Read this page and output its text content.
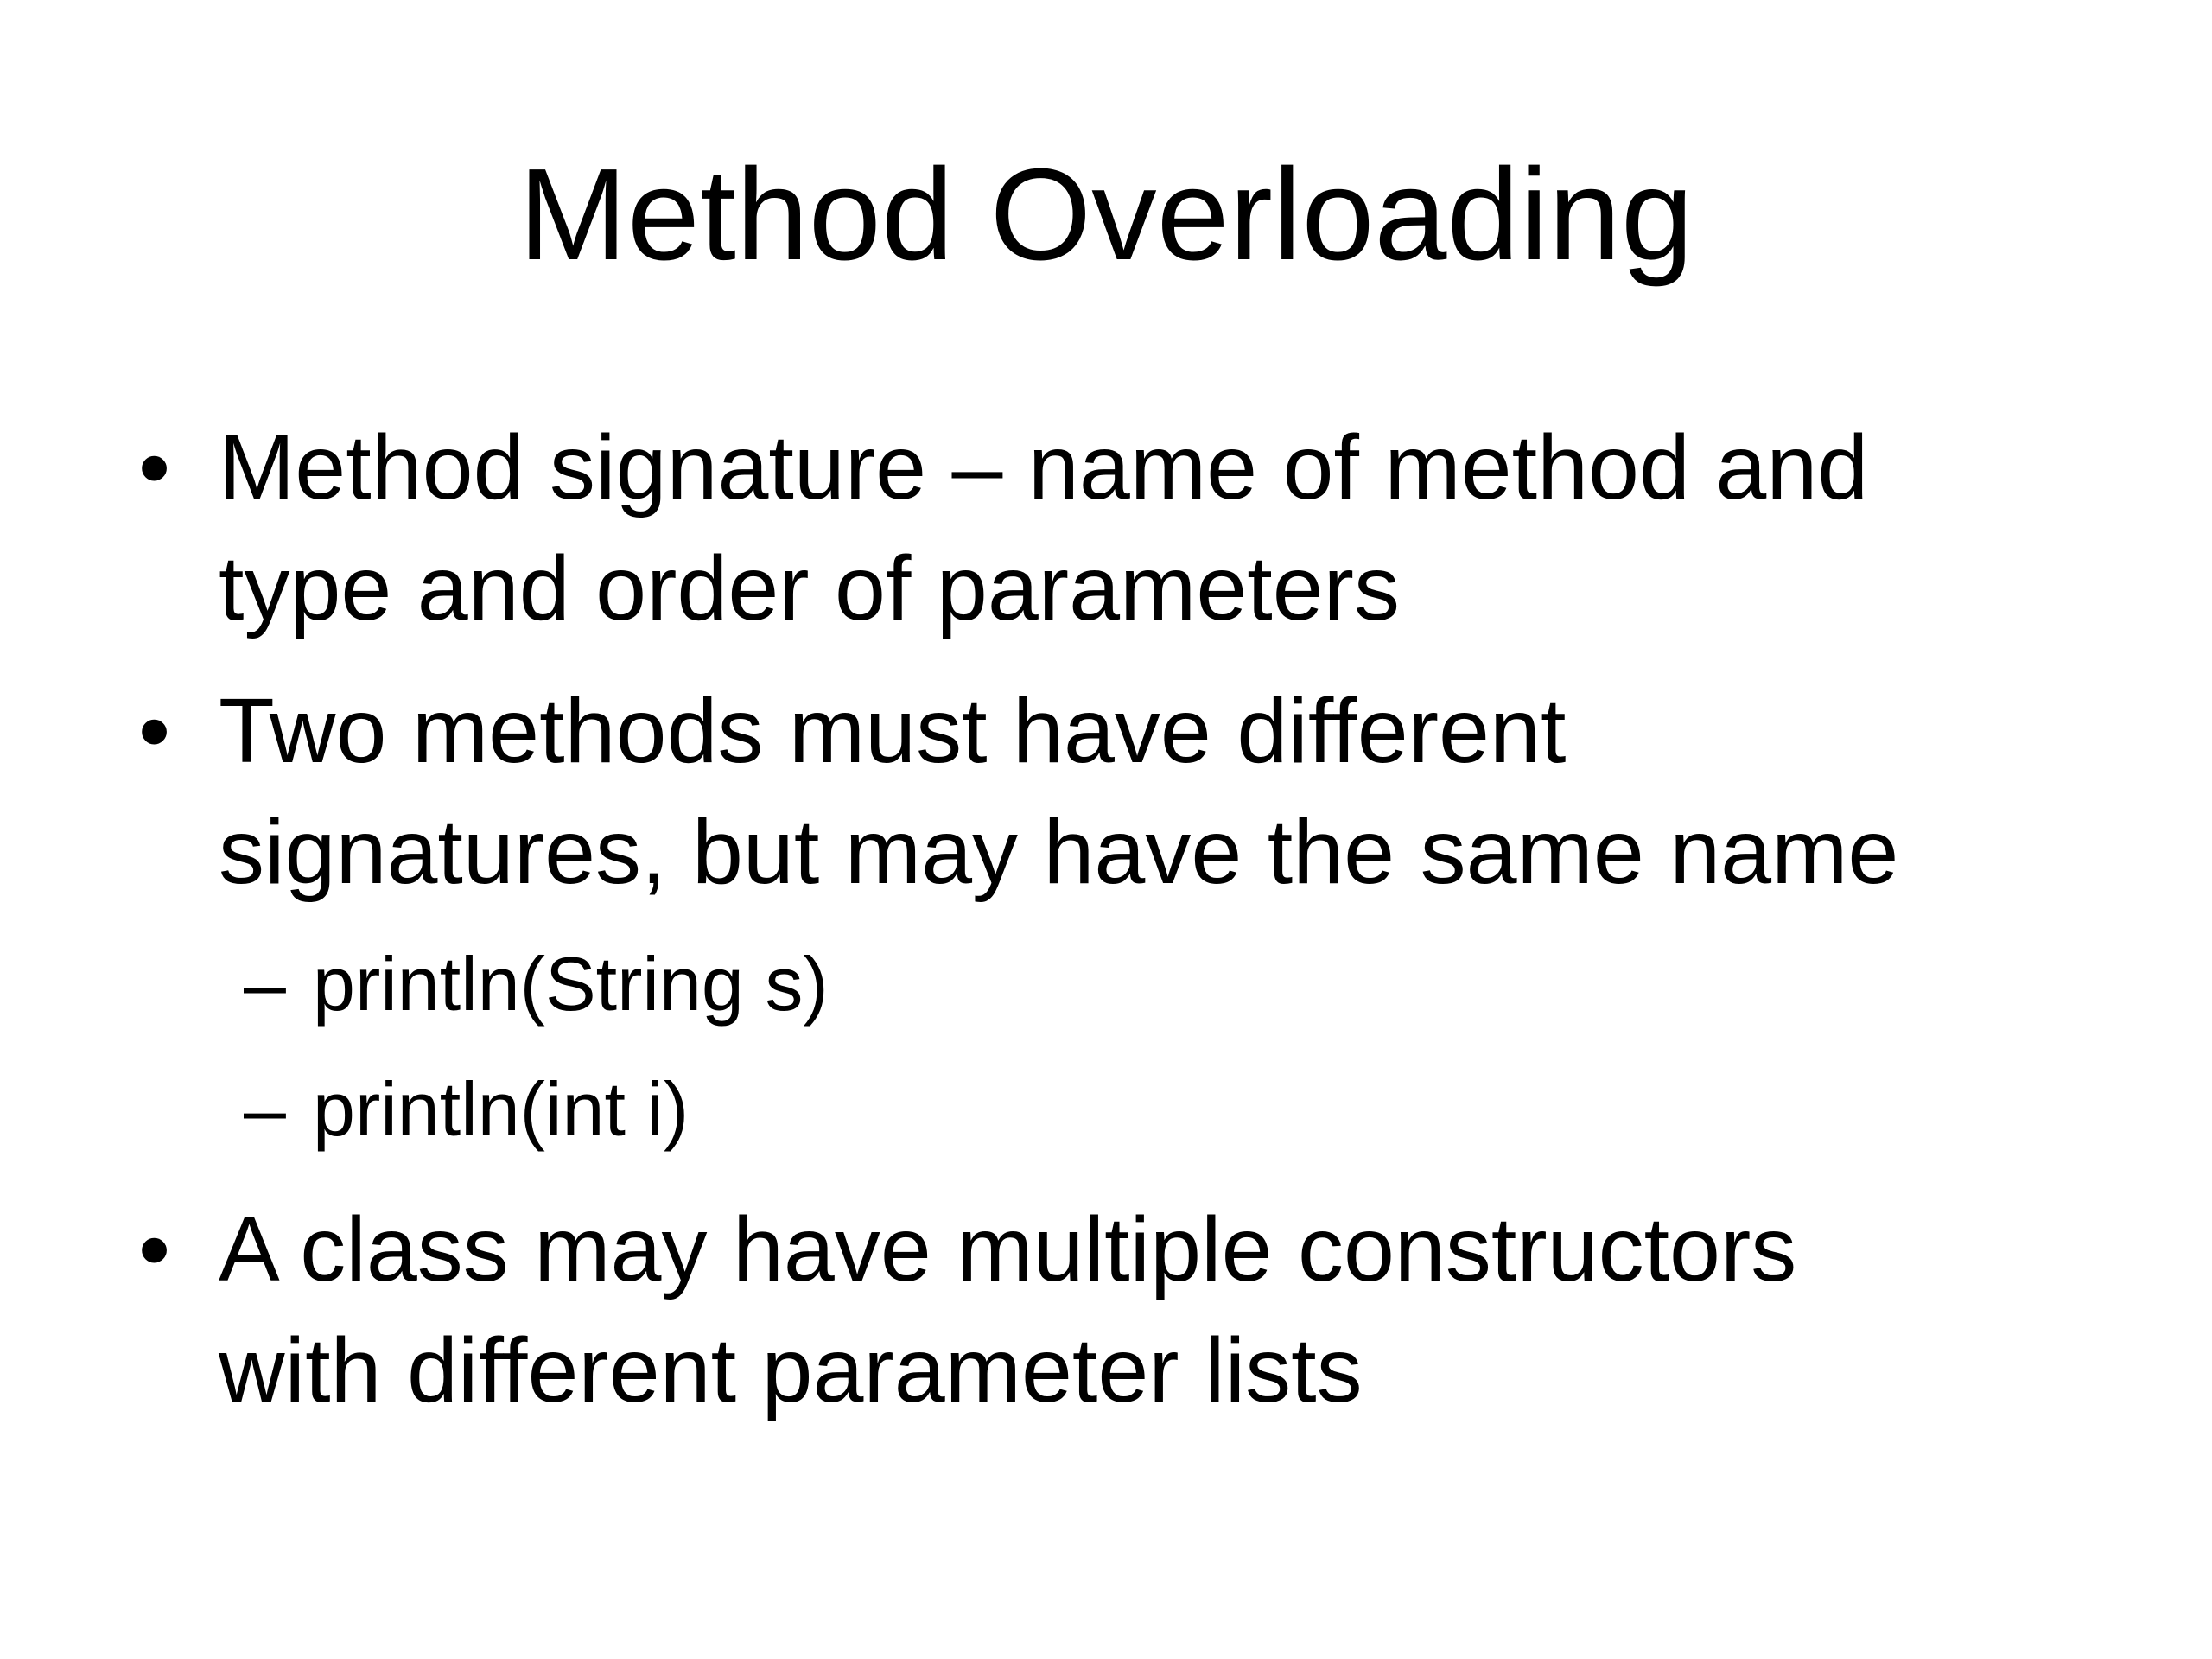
Method Overloading
• Method signature – name of method and
type and order of parameters
• Two methods must have different
signatures, but may have the same name
– println(String s)
– println(int i)
• A class may have multiple constructors
with different parameter lists
